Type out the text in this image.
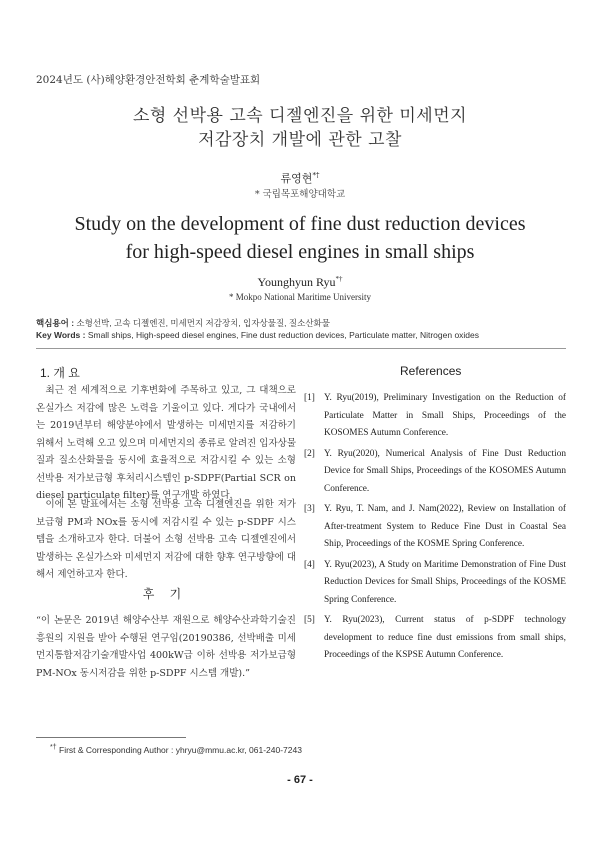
2024년도 (사)해양환경안전학회 춘계학술발표회
소형 선박용 고속 디젤엔진을 위한 미세먼지
저감장치 개발에 관한 고찰
류영현*†
* 국립목포해양대학교
Study on the development of fine dust reduction devices
for high-speed diesel engines in small ships
Younghyun Ryu*†
* Mokpo National Maritime University
핵심용어 : 소형선박, 고속 디젤엔진, 미세먼지 저감장치, 입자상물질, 질소산화물
Key Words : Small ships, High-speed diesel engines, Fine dust reduction devices, Particulate matter, Nitrogen oxides
1. 개 요

최근 전 세계적으로 기후변화에 주목하고 있고, 그 대책으로 온실가스 저감에 많은 노력을 기울이고 있다. 게다가 국내에서는 2019년부터 해양분야에서 발생하는 미세먼지를 저감하기 위해서 노력해 오고 있으며 미세먼지의 종류로 알려진 입자상물질과 질소산화물을 동시에 효율적으로 저감시킬 수 있는 소형 선박용 저가보급형 후처리시스템인 p-SDPF(Partial SCR on diesel particulate filter)를 연구개발 하였다.

이에 본 발표에서는 소형 선박용 고속 디젤엔진을 위한 저가보급형 PM과 NOx를 동시에 저감시킬 수 있는 p-SDPF 시스템을 소개하고자 한다. 더불어 소형 선박용 고속 디젤엔진에서 발생하는 온실가스와 미세먼지 저감에 대한 향후 연구방향에 대해서 제언하고자 한다.

후 기
“이 논문은 2019년 해양수산부 재원으로 해양수산과학기술진흥원의 지원을 받아 수행된 연구임(20190386, 선박배출 미세먼지통합저감기술개발사업 400kW급 이하 선박용 저가보급형 PM-NOx 동시저감을 위한 p-SDPF 시스템 개발).”
References
[1] Y. Ryu(2019), Preliminary Investigation on the Reduction of Particulate Matter in Small Ships, Proceedings of the KOSOMES Autumn Conference.
[2] Y. Ryu(2020), Numerical Analysis of Fine Dust Reduction Device for Small Ships, Proceedings of the KOSOMES Autumn Conference.
[3] Y. Ryu, T. Nam, and J. Nam(2022), Review on Installation of After-treatment System to Reduce Fine Dust in Coastal Sea Ship, Proceedings of the KOSME Spring Conference.
[4] Y. Ryu(2023), A Study on Maritime Demonstration of Fine Dust Reduction Devices for Small Ships, Proceedings of the KOSME Spring Conference.
[5] Y. Ryu(2023), Current status of p-SDPF technology development to reduce fine dust emissions from small ships, Proceedings of the KSPSE Autumn Conference.
*† First & Corresponding Author : yhryu@mmu.ac.kr, 061-240-7243
- 67 -
